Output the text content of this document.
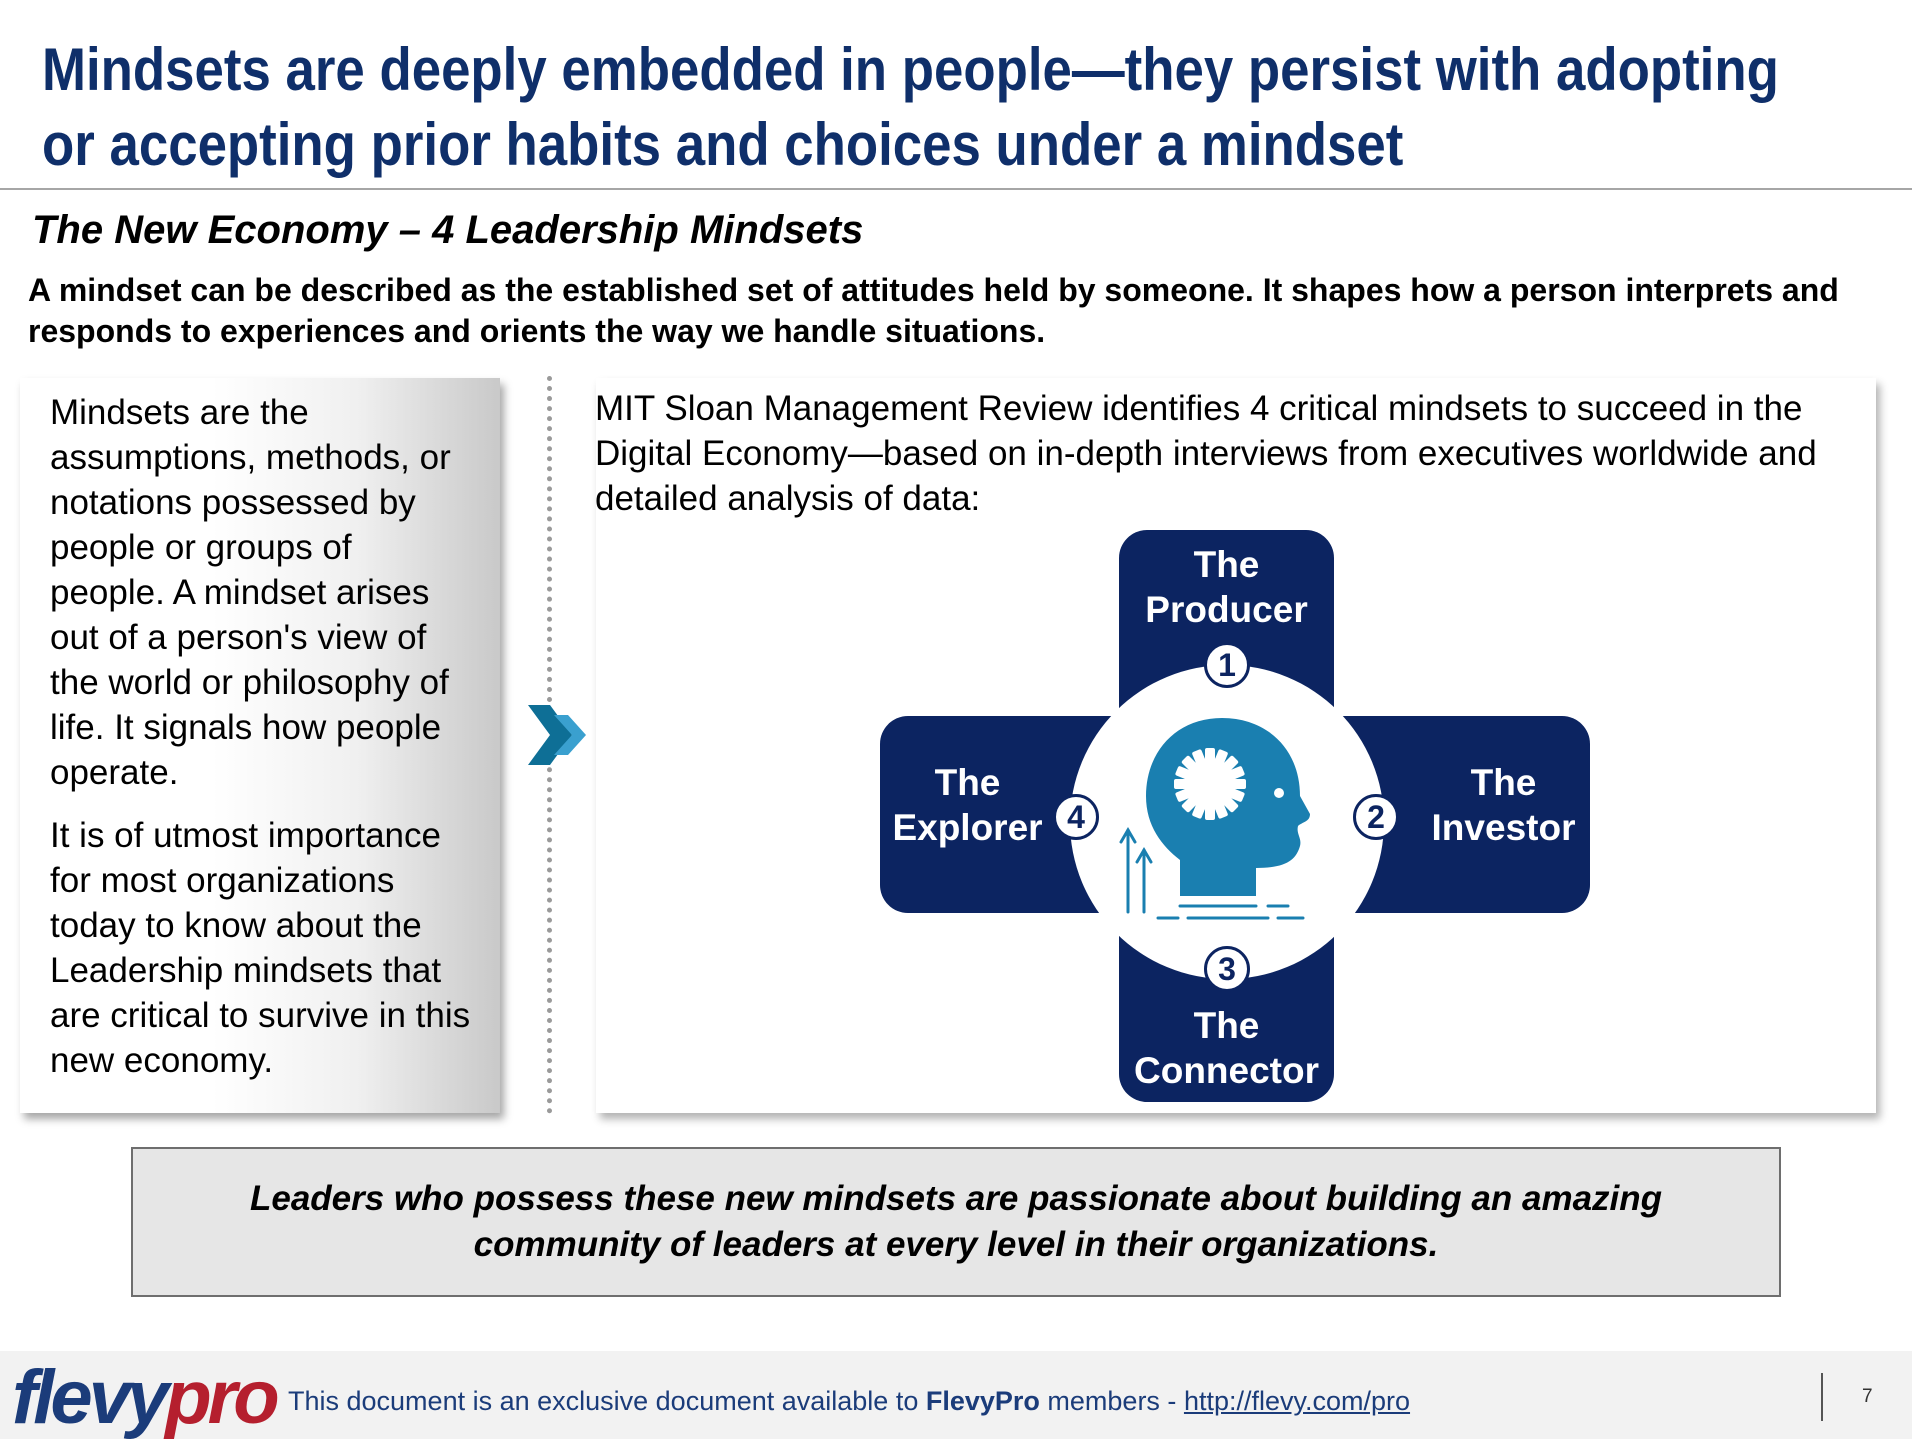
Mindsets are deeply embedded in people—they persist with adopting
or accepting prior habits and choices under a mindset
The New Economy – 4 Leadership Mindsets
A mindset can be described as the established set of attitudes held by someone. It shapes how a person interprets and responds to experiences and orients the way we handle situations.

Mindsets are the assumptions, methods, or notations possessed by people or groups of people. A mindset arises out of a person's view of the world or philosophy of life. It signals how people operate.

It is of utmost importance for most organizations today to know about the Leadership mindsets that are critical to survive in this new economy.

MIT Sloan Management Review identifies 4 critical mindsets to succeed in the Digital Economy—based on in-depth interviews from executives worldwide and detailed analysis of data:
The
Producer
The
Connector
The
Explorer
The
Investor
1
2
3
4
Leaders who possess these new mindsets are passionate about building an amazing community of leaders at every level in their organizations.
flevypro This document is an exclusive document available to FlevyPro members - http://flevy.com/pro	7
